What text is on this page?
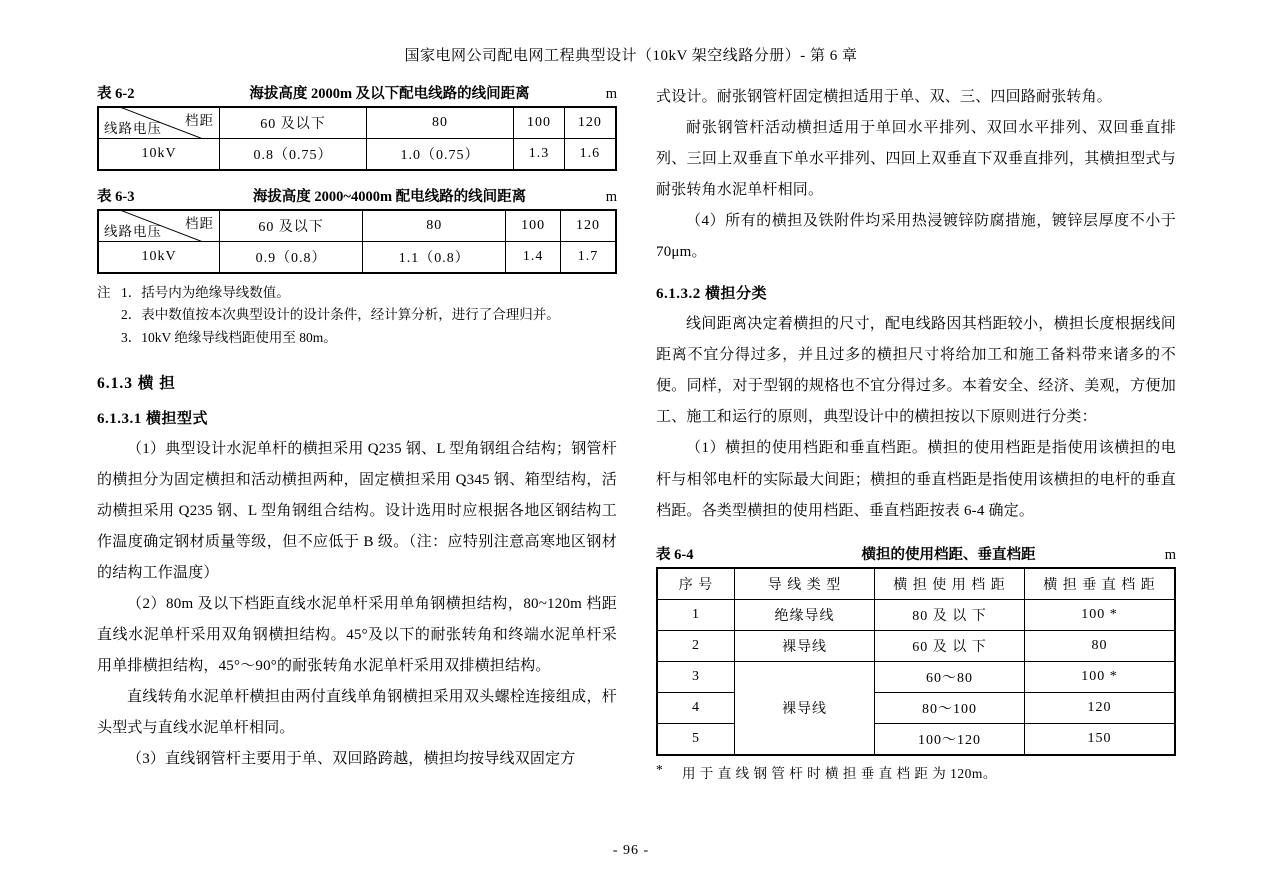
国家电网公司配电网工程典型设计（10kV 架空线路分册）- 第 6 章
表 6-2	海拔高度 2000m 及以下配电线路的线间距离	m
档距
线路电压	60 及以下	80	100	120
10kV	0.8（0.75）	1.0（0.75）	1.3	1.6
表 6-3	海拔高度 2000~4000m 配电线路的线间距离	m
档距
线路电压	60 及以下	80	100	120
10kV	0.9（0.8）	1.1（0.8）	1.4	1.7
注 1．括号内为绝缘导线数值。
2．表中数值按本次典型设计的设计条件，经计算分析，进行了合理归并。
3．10kV 绝缘导线档距使用至 80m。
6.1.3 横 担
6.1.3.1 横担型式

（1）典型设计水泥单杆的横担采用 Q235 钢、L 型角钢组合结构；钢管杆的横担分为固定横担和活动横担两种，固定横担采用 Q345 钢、箱型结构，活动横担采用 Q235 钢、L 型角钢组合结构。设计选用时应根据各地区钢结构工作温度确定钢材质量等级，但不应低于 B 级。（注：应特别注意高寒地区钢材的结构工作温度）

（2）80m 及以下档距直线水泥单杆采用单角钢横担结构，80~120m 档距直线水泥单杆采用双角钢横担结构。45°及以下的耐张转角和终端水泥单杆采用单排横担结构，45°～90°的耐张转角水泥单杆采用双排横担结构。

直线转角水泥单杆横担由两付直线单角钢横担采用双头螺栓连接组成，杆头型式与直线水泥单杆相同。

（3）直线钢管杆主要用于单、双回路跨越，横担均按导线双固定方

式设计。耐张钢管杆固定横担适用于单、双、三、四回路耐张转角。

耐张钢管杆活动横担适用于单回水平排列、双回水平排列、双回垂直排列、三回上双垂直下单水平排列、四回上双垂直下双垂直排列，其横担型式与耐张转角水泥单杆相同。

（4）所有的横担及铁附件均采用热浸镀锌防腐措施，镀锌层厚度不小于 70μm。

6.1.3.2 横担分类

线间距离决定着横担的尺寸，配电线路因其档距较小，横担长度根据线间距离不宜分得过多，并且过多的横担尺寸将给加工和施工备料带来诸多的不便。同样，对于型钢的规格也不宜分得过多。本着安全、经济、美观，方便加工、施工和运行的原则，典型设计中的横担按以下原则进行分类：

（1）横担的使用档距和垂直档距。横担的使用档距是指使用该横担的电杆与相邻电杆的实际最大间距；横担的垂直档距是指使用该横担的电杆的垂直档距。各类型横担的使用档距、垂直档距按表 6-4 确定。

表 6-4	横担的使用档距、垂直档距	m
序 号	导 线 类 型	横 担 使 用 档 距	横 担 垂 直 档 距
1	绝缘导线	80 及 以 下	100 *
2	裸导线	60 及 以 下	80
3	裸导线	60～80	100 *
4		80～100	120
5		100～120	150
*	用 于 直 线 钢 管 杆 时 横 担 垂 直 档 距 为 120m。
- 96 -
